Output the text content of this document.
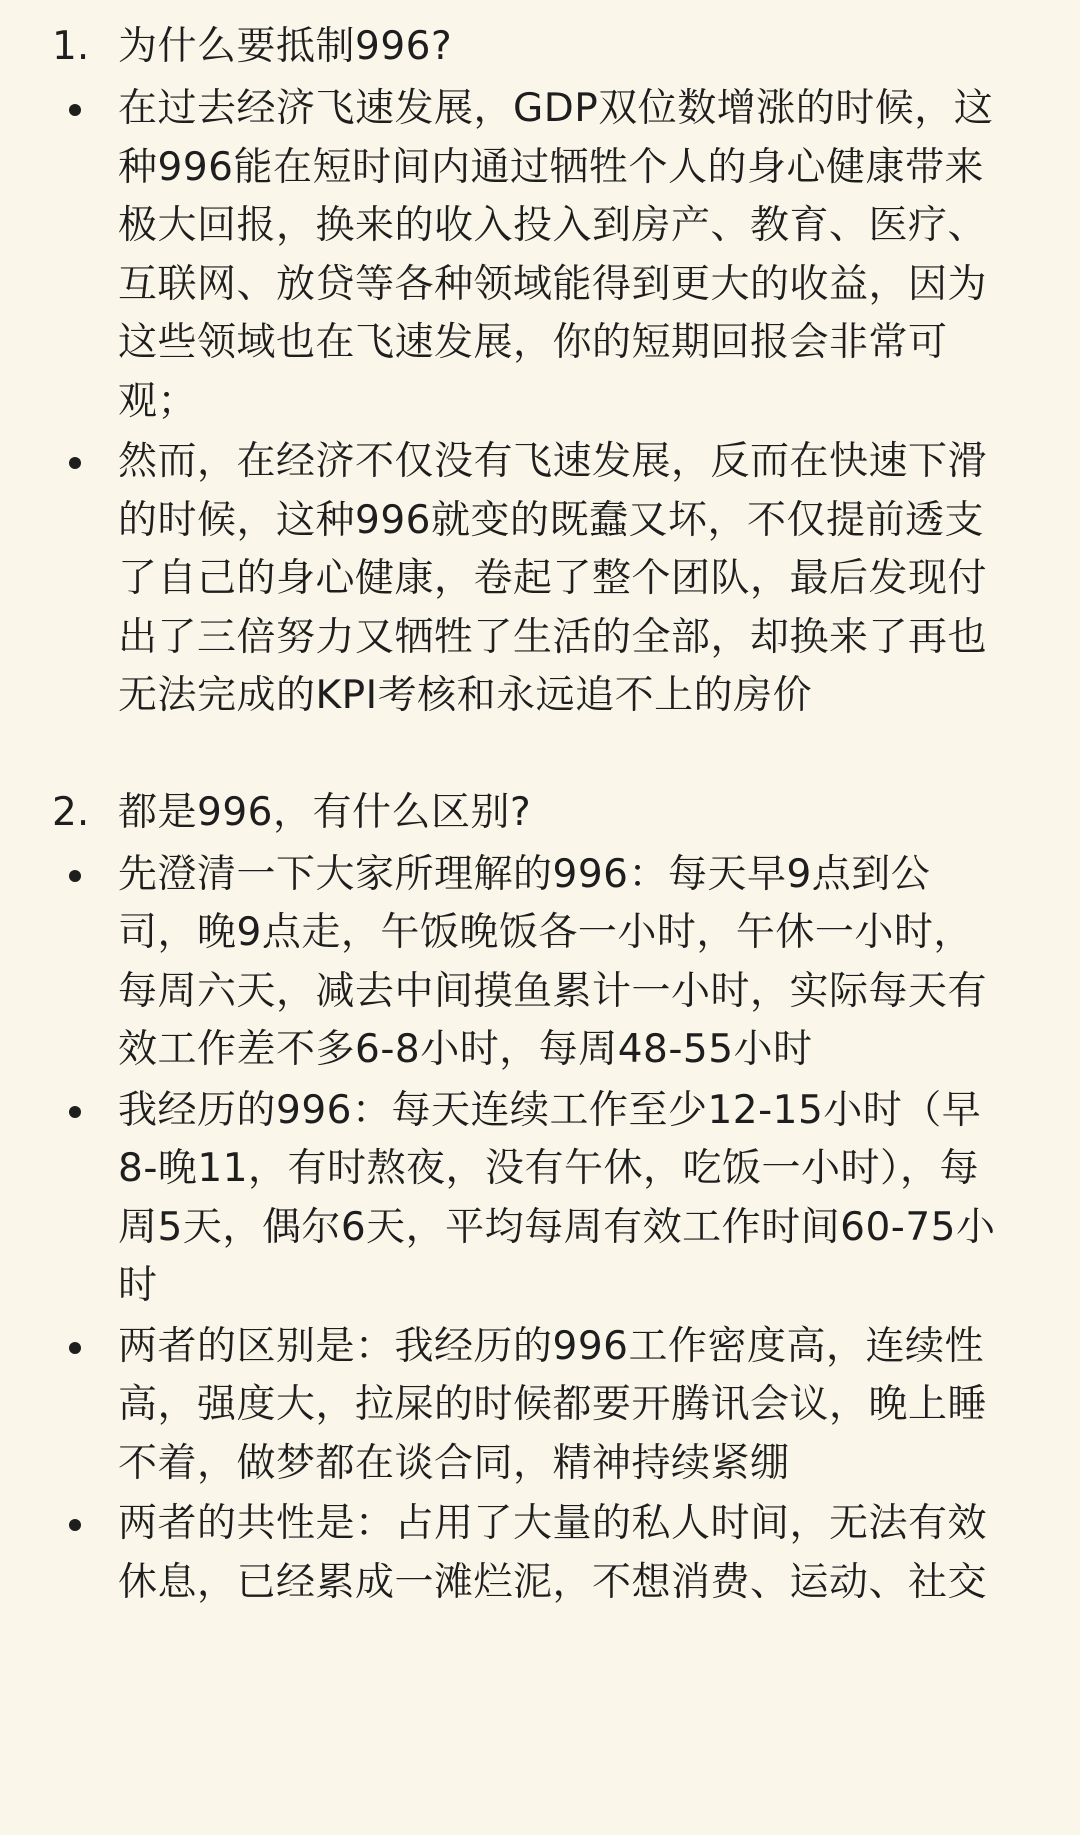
1. 为什么要抵制996?
在过去经济飞速发展，GDP双位数增涨的时候，这种996能在短时间内通过牺牲个人的身心健康带来极大回报，换来的收入投入到房产、教育、医疗、互联网、放贷等各种领域能得到更大的收益，因为这些领域也在飞速发展，你的短期回报会非常可观；
然而，在经济不仅没有飞速发展，反而在快速下滑的时候，这种996就变的既蠢又坏，不仅提前透支了自己的身心健康，卷起了整个团队，最后发现付出了三倍努力又牺牲了生活的全部，却换来了再也无法完成的KPI考核和永远追不上的房价
2. 都是996，有什么区别?
先澄清一下大家所理解的996：每天早9点到公司，晚9点走，午饭晚饭各一小时，午休一小时，每周六天，减去中间摸鱼累计一小时，实际每天有效工作差不多6-8小时，每周48-55小时
我经历的996：每天连续工作至少12-15小时（早8-晚11，有时熬夜，没有午休，吃饭一小时），每周5天，偶尔6天，平均每周有效工作时间60-75小时
两者的区别是：我经历的996工作密度高，连续性高，强度大，拉屎的时候都要开腾讯会议，晚上睡不着，做梦都在谈合同，精神持续紧绷
两者的共性是：占用了大量的私人时间，无法有效休息，已经累成一滩烂泥，不想消费、运动、社交
